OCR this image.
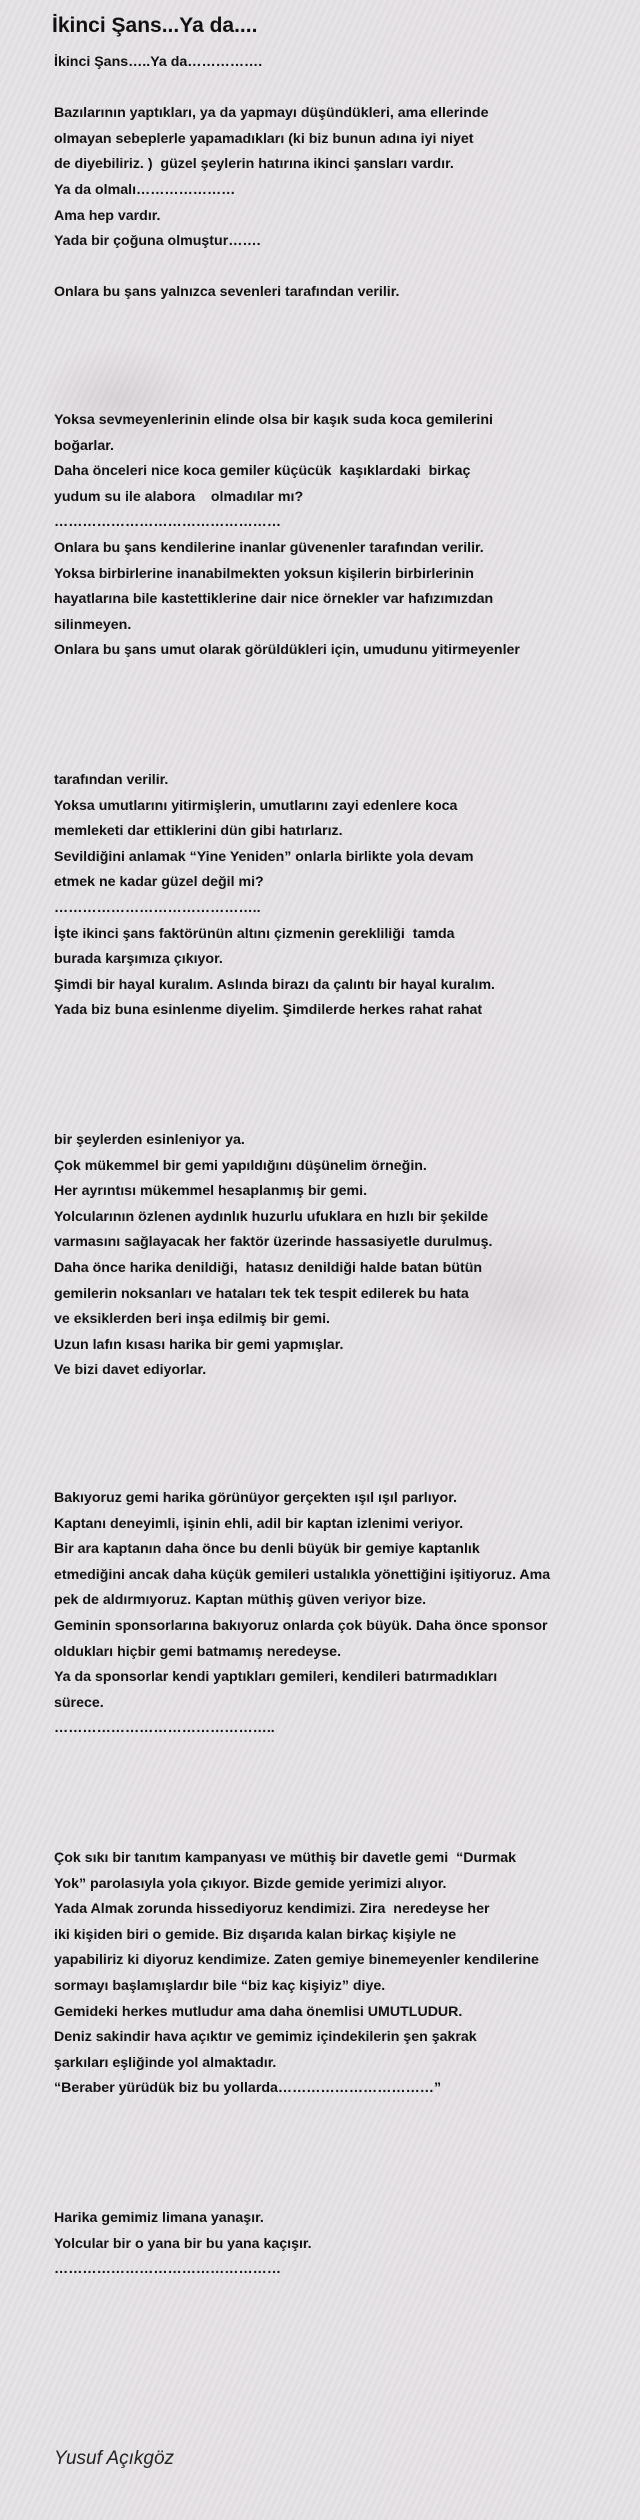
İkinci Şans...Ya da....
İkinci Şans…..Ya da…………….

Bazılarının yaptıkları, ya da yapmayı düşündükleri, ama ellerinde
olmayan sebeplerle yapamadıkları (ki biz bunun adına iyi niyet
de diyebiliriz. )  güzel şeylerin hatırına ikinci şansları vardır.
Ya da olmalı…………………
Ama hep vardır.
Yada bir çoğuna olmuştur…….

Onlara bu şans yalnızca sevenleri tarafından verilir.
Yoksa sevmeyenlerinin elinde olsa bir kaşık suda koca gemilerini
boğarlar.
Daha önceleri nice koca gemiler küçücük  kaşıklardaki  birkaç
yudum su ile alabora    olmadılar mı?
…………………………………………
Onlara bu şans kendilerine inanlar güvenenler tarafından verilir.
Yoksa birbirlerine inanabilmekten yoksun kişilerin birbirlerinin
hayatlarına bile kastettiklerine dair nice örnekler var hafızımızdan
silinmeyen.
Onlara bu şans umut olarak görüldükleri için, umudunu yitirmeyenler
tarafından verilir.
Yoksa umutlarını yitirmişlerin, umutlarını zayi edenlere koca
memleketi dar ettiklerini dün gibi hatırlarız.
Sevildiğini anlamak “Yine Yeniden” onlarla birlikte yola devam
etmek ne kadar güzel değil mi?
……………………………………..
İşte ikinci şans faktörünün altını çizmenin gerekliliği  tamda
burada karşımıza çıkıyor.
Şimdi bir hayal kuralım. Aslında birazı da çalıntı bir hayal kuralım.
Yada biz buna esinlenme diyelim. Şimdilerde herkes rahat rahat
bir şeylerden esinleniyor ya.
Çok mükemmel bir gemi yapıldığını düşünelim örneğin.
Her ayrıntısı mükemmel hesaplanmış bir gemi.
Yolcularının özlenen aydınlık huzurlu ufuklara en hızlı bir şekilde
varmasını sağlayacak her faktör üzerinde hassasiyetle durulmuş.
Daha önce harika denildiği,  hatasız denildiği halde batan bütün
gemilerin noksanları ve hataları tek tek tespit edilerek bu hata
ve eksiklerden beri inşa edilmiş bir gemi.
Uzun lafın kısası harika bir gemi yapmışlar.
Ve bizi davet ediyorlar.
Bakıyoruz gemi harika görünüyor gerçekten ışıl ışıl parlıyor.
Kaptanı deneyimli, işinin ehli, adil bir kaptan izlenimi veriyor.
Bir ara kaptanın daha önce bu denli büyük bir gemiye kaptanlık
etmediğini ancak daha küçük gemileri ustalıkla yönettiğini işitiyoruz. Ama
pek de aldırmıyoruz. Kaptan müthiş güven veriyor bize.
Geminin sponsorlarına bakıyoruz onlarda çok büyük. Daha önce sponsor
oldukları hiçbir gemi batmamış neredeyse.
Ya da sponsorlar kendi yaptıkları gemileri, kendileri batırmadıkları
sürece.
………………………………………..
Çok sıkı bir tanıtım kampanyası ve müthiş bir davetle gemi  “Durmak
Yok” parolasıyla yola çıkıyor. Bizde gemide yerimizi alıyor.
Yada Almak zorunda hissediyoruz kendimizi. Zira  neredeyse her
iki kişiden biri o gemide. Biz dışarıda kalan birkaç kişiyle ne
yapabiliriz ki diyoruz kendimize. Zaten gemiye binemeyenler kendilerine
sormayı başlamışlardır bile “biz kaç kişiyiz” diye.
Gemideki herkes mutludur ama daha önemlisi UMUTLUDUR.
Deniz sakindir hava açıktır ve gemimiz içindekilerin şen şakrak
şarkıları eşliğinde yol almaktadır.
“Beraber yürüdük biz bu yollarda……………………………”
Harika gemimiz limana yanaşır.
Yolcular bir o yana bir bu yana kaçışır.
…………………………………………
Yusuf Açıkgöz
